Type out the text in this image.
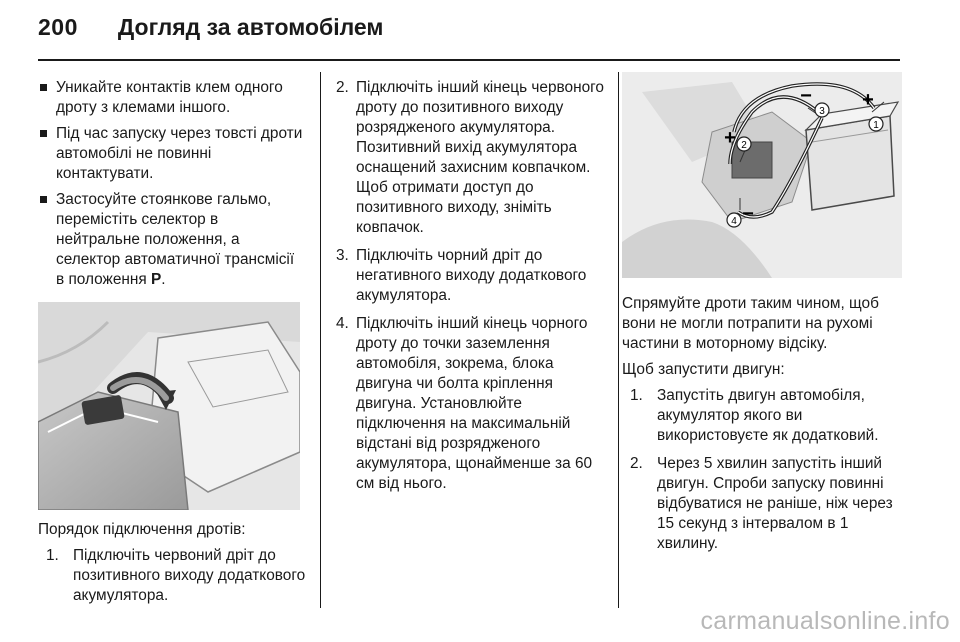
200 Догляд за автомобілем
Уникайте контактів клем одного дроту з клемами іншого.
Під час запуску через товсті дроти автомобілі не повинні контактувати.
Застосуйте стоянкове гальмо, перемістіть селектор в нейтральне положення, а селектор автоматичної трансмісії в положення P.

Порядок підключення дротів:

1. Підключіть червоний дріт до позитивного виходу додаткового акумулятора.
2. Підключіть інший кінець червоного дроту до позитивного виходу розрядженого акумулятора. Позитивний вихід акумулятора оснащений захисним ковпачком. Щоб отримати доступ до позитивного виходу, зніміть ковпачок.
3. Підключіть чорний дріт до негативного виходу додаткового акумулятора.
4. Підключіть інший кінець чорного дроту до точки заземлення автомобіля, зокрема, блока двигуна чи болта кріплення двигуна. Установлюйте підключення на максимальній відстані від розрядженого акумулятора, щонайменше за 60 см від нього.
1
2
3
4
+
−	+
−

Спрямуйте дроти таким чином, щоб вони не могли потрапити на рухомі частини в моторному відсіку.

Щоб запустити двигун:

1. Запустіть двигун автомобіля, акумулятор якого ви використовуєте як додатковий.
2. Через 5 хвилин запустіть інший двигун. Спроби запуску повинні відбуватися не раніше, ніж через 15 секунд з інтервалом в 1 хвилину.
carmanualsonline.info
